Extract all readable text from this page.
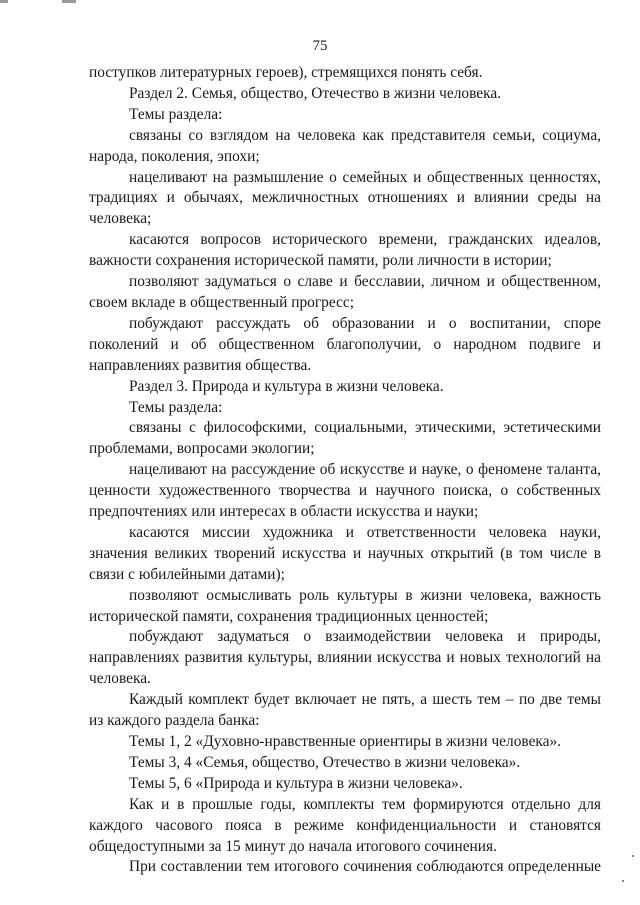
75

поступков литературных героев), стремящихся понять себя.

Раздел 2. Семья, общество, Отечество в жизни человека.

Темы раздела:

связаны со взглядом на человека как представителя семьи, социума, народа, поколения, эпохи;

нацеливают на размышление о семейных и общественных ценностях, традициях и обычаях, межличностных отношениях и влиянии среды на человека;

касаются вопросов исторического времени, гражданских идеалов, важности сохранения исторической памяти, роли личности в истории;

позволяют задуматься о славе и бесславии, личном и общественном, своем вкладе в общественный прогресс;

побуждают рассуждать об образовании и о воспитании, споре поколений и об общественном благополучии, о народном подвиге и направлениях развития общества.

Раздел 3. Природа и культура в жизни человека.

Темы раздела:

связаны с философскими, социальными, этическими, эстетическими проблемами, вопросами экологии;

нацеливают на рассуждение об искусстве и науке, о феномене таланта, ценности художественного творчества и научного поиска, о собственных предпочтениях или интересах в области искусства и науки;

касаются миссии художника и ответственности человека науки, значения великих творений искусства и научных открытий (в том числе в связи с юбилейными датами);

позволяют осмысливать роль культуры в жизни человека, важность исторической памяти, сохранения традиционных ценностей;

побуждают задуматься о взаимодействии человека и природы, направлениях развития культуры, влиянии искусства и новых технологий на человека.

Каждый комплект будет включает не пять, а шесть тем – по две темы из каждого раздела банка:

Темы 1, 2 «Духовно-нравственные ориентиры в жизни человека».

Темы 3, 4 «Семья, общество, Отечество в жизни человека».

Темы 5, 6 «Природа и культура в жизни человека».

Как и в прошлые годы, комплекты тем формируются отдельно для каждого часового пояса в режиме конфиденциальности и становятся общедоступными за 15 минут до начала итогового сочинения.

При составлении тем итогового сочинения соблюдаются определенные
